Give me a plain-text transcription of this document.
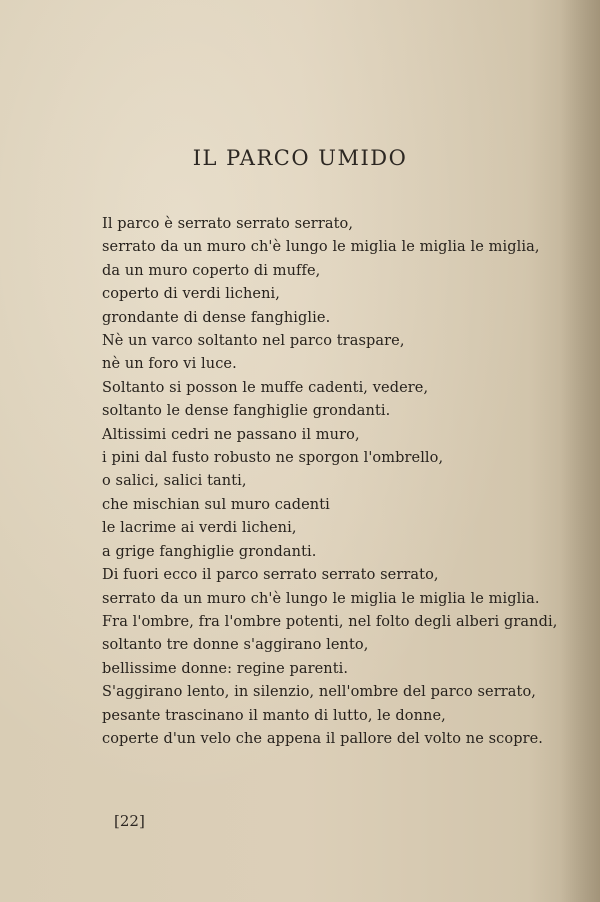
IL PARCO UMIDO
Il parco è serrato serrato serrato,
serrato da un muro ch'è lungo le miglia le miglia le miglia,
da un muro coperto di muffe,
coperto di verdi licheni,
grondante di dense fanghiglie.
Nè un varco soltanto nel parco traspare,
nè un foro vi luce.
Soltanto si posson le muffe cadenti, vedere,
soltanto le dense fanghiglie grondanti.
Altissimi cedri ne passano il muro,
i pini dal fusto robusto ne sporgon l'ombrello,
o salici, salici tanti,
che mischian sul muro cadenti
le lacrime ai verdi licheni,
a grige fanghiglie grondanti.
Di fuori ecco il parco serrato serrato serrato,
serrato da un muro ch'è lungo le miglia le miglia le miglia.
Fra l'ombre, fra l'ombre potenti, nel folto degli alberi grandi,
soltanto tre donne s'aggirano lento,
bellissime donne: regine parenti.
S'aggirano lento, in silenzio, nell'ombre del parco serrato,
pesante trascinano il manto di lutto, le donne,
coperte d'un velo che appena il pallore del volto ne scopre.
[22]
